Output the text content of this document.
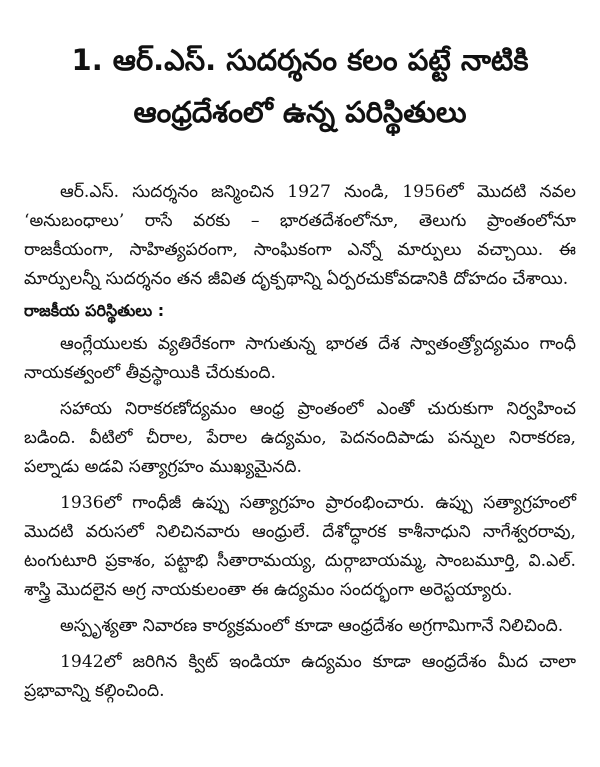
1. ఆర్.ఎస్. సుదర్శనం కలం పట్టే నాటికి
ఆంధ్రదేశంలో ఉన్న పరిస్థితులు

ఆర్.ఎస్. సుదర్శనం జన్మించిన 1927 నుండి, 1956లో మొదటి నవల ‘అనుబంధాలు’ రాసే వరకు – భారతదేశంలోనూ, తెలుగు ప్రాంతంలోనూ రాజకీయంగా, సాహిత్యపరంగా, సాంఘికంగా ఎన్నో మార్పులు వచ్చాయి. ఈ మార్పులన్నీ సుదర్శనం తన జీవిత దృక్పథాన్ని ఏర్పరచుకోవడానికి దోహదం చేశాయి.

రాజకీయ పరిస్థితులు :

ఆంగ్లేయులకు వ్యతిరేకంగా సాగుతున్న భారత దేశ స్వాతంత్ర్యోద్యమం గాంధీ నాయకత్వంలో తీవ్రస్థాయికి చేరుకుంది.

సహాయ నిరాకరణోద్యమం ఆంధ్ర ప్రాంతంలో ఎంతో చురుకుగా నిర్వహించ బడింది. వీటిలో చీరాల, పేరాల ఉద్యమం, పెదనందిపాడు పన్నుల నిరాకరణ, పల్నాడు అడవి సత్యాగ్రహం ముఖ్యమైనది.

1936లో గాంధీజీ ఉప్పు సత్యాగ్రహం ప్రారంభించారు. ఉప్పు సత్యాగ్రహంలో మొదటి వరుసలో నిలిచినవారు ఆంధ్రులే. దేశోద్ధారక కాశీనాధుని నాగేశ్వరరావు, టంగుటూరి ప్రకాశం, పట్టాభి సీతారామయ్య, దుర్గాబాయమ్మ, సాంబమూర్తి, వి.ఎల్. శాస్త్రి మొదలైన అగ్ర నాయకులంతా ఈ ఉద్యమం సందర్భంగా అరెస్టయ్యారు.

అస్పృశ్యతా నివారణ కార్యక్రమంలో కూడా ఆంధ్రదేశం అగ్రగామిగానే నిలిచింది.

1942లో జరిగిన క్విట్ ఇండియా ఉద్యమం కూడా ఆంధ్రదేశం మీద చాలా ప్రభావాన్ని కల్గించింది.
